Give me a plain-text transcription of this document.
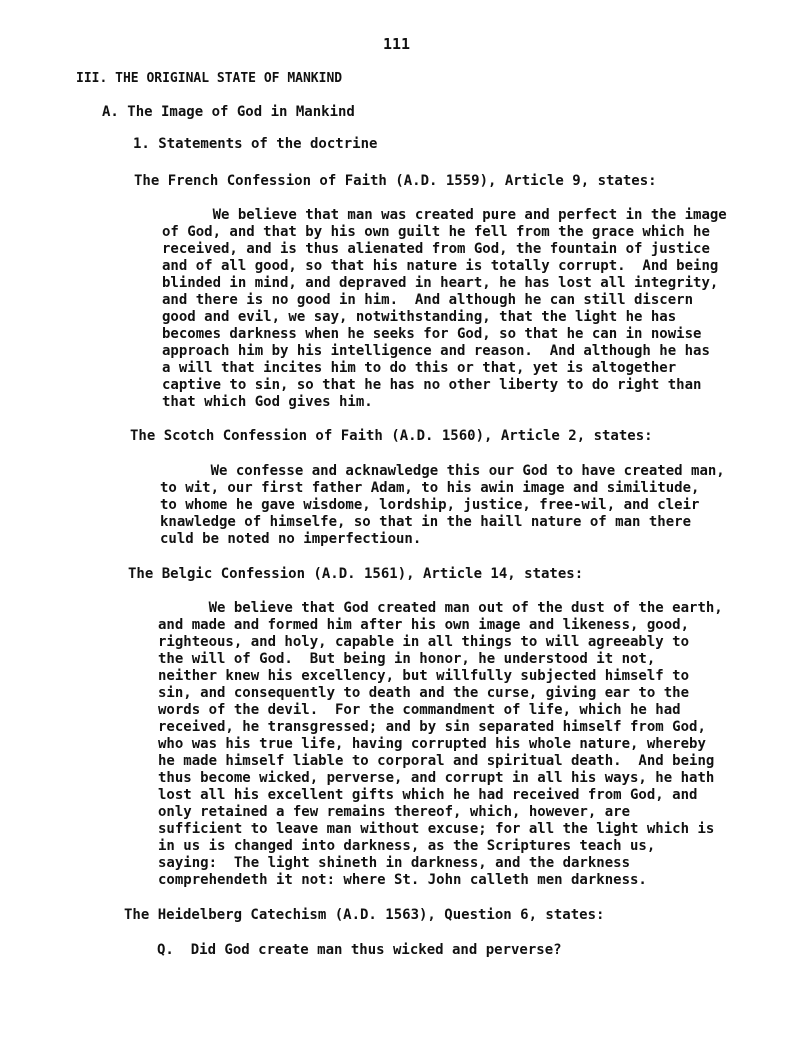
111
III. THE ORIGINAL STATE OF MANKIND
A. The Image of God in Mankind
1. Statements of the doctrine
The French Confession of Faith (A.D. 1559), Article 9, states:
We believe that man was created pure and perfect in the image
of God, and that by his own guilt he fell from the grace which he
received, and is thus alienated from God, the fountain of justice
and of all good, so that his nature is totally corrupt.  And being
blinded in mind, and depraved in heart, he has lost all integrity,
and there is no good in him.  And although he can still discern
good and evil, we say, notwithstanding, that the light he has
becomes darkness when he seeks for God, so that he can in nowise
approach him by his intelligence and reason.  And although he has
a will that incites him to do this or that, yet is altogether
captive to sin, so that he has no other liberty to do right than
that which God gives him.
The Scotch Confession of Faith (A.D. 1560), Article 2, states:
We confesse and acknawledge this our God to have created man,
to wit, our first father Adam, to his awin image and similitude,
to whome he gave wisdome, lordship, justice, free-wil, and cleir
knawledge of himselfe, so that in the haill nature of man there
culd be noted no imperfectioun.
The Belgic Confession (A.D. 1561), Article 14, states:
We believe that God created man out of the dust of the earth,
and made and formed him after his own image and likeness, good,
righteous, and holy, capable in all things to will agreeably to
the will of God.  But being in honor, he understood it not,
neither knew his excellency, but willfully subjected himself to
sin, and consequently to death and the curse, giving ear to the
words of the devil.  For the commandment of life, which he had
received, he transgressed; and by sin separated himself from God,
who was his true life, having corrupted his whole nature, whereby
he made himself liable to corporal and spiritual death.  And being
thus become wicked, perverse, and corrupt in all his ways, he hath
lost all his excellent gifts which he had received from God, and
only retained a few remains thereof, which, however, are
sufficient to leave man without excuse; for all the light which is
in us is changed into darkness, as the Scriptures teach us,
saying:  The light shineth in darkness, and the darkness
comprehendeth it not: where St. John calleth men darkness.
The Heidelberg Catechism (A.D. 1563), Question 6, states:
Q.  Did God create man thus wicked and perverse?
